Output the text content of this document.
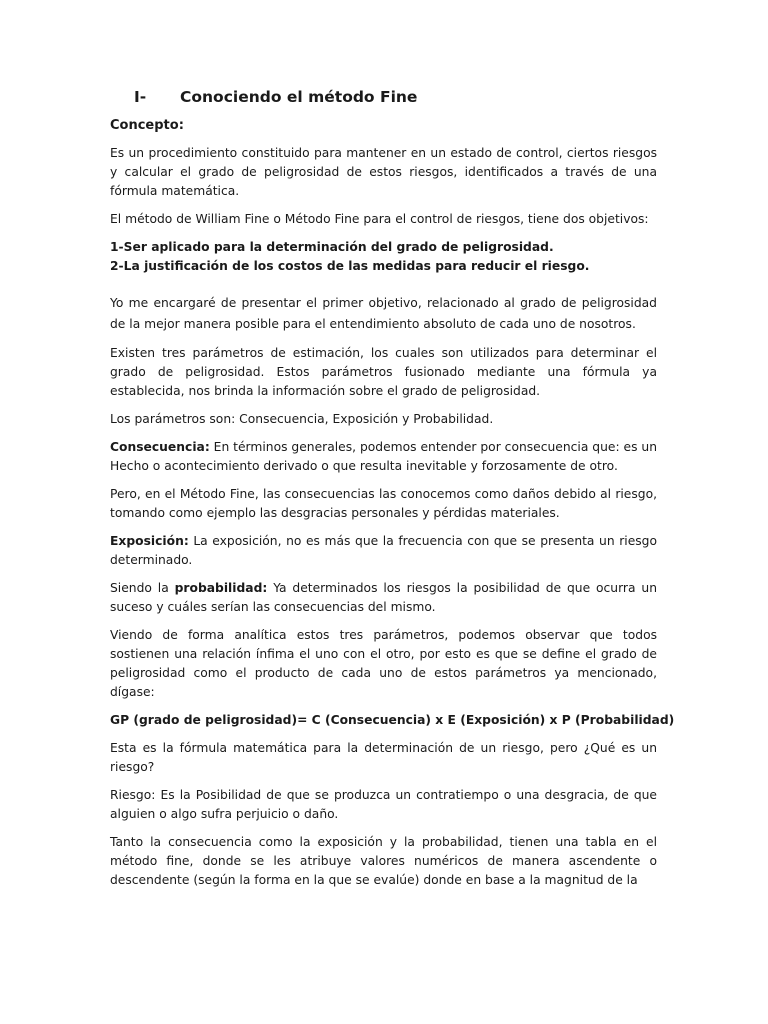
I- Conociendo el método Fine
Concepto:

Es un procedimiento constituido para mantener en un estado de control, ciertos riesgos y calcular el grado de peligrosidad de estos riesgos, identificados a través de una fórmula matemática.

El método de William Fine o Método Fine para el control de riesgos, tiene dos objetivos:

1-Ser aplicado para la determinación del grado de peligrosidad.

2-La justificación de los costos de las medidas para reducir el riesgo.

Yo me encargaré de presentar el primer objetivo, relacionado al grado de peligrosidad de la mejor manera posible para el entendimiento absoluto de cada uno de nosotros.

Existen tres parámetros de estimación, los cuales son utilizados para determinar el grado de peligrosidad. Estos parámetros fusionado mediante una fórmula ya establecida, nos brinda la información sobre el grado de peligrosidad.

Los parámetros son: Consecuencia, Exposición y Probabilidad.

Consecuencia: En términos generales, podemos entender por consecuencia que: es un Hecho o acontecimiento derivado o que resulta inevitable y forzosamente de otro.

Pero, en el Método Fine, las consecuencias las conocemos como daños debido al riesgo, tomando como ejemplo las desgracias personales y pérdidas materiales.

Exposición: La exposición, no es más que la frecuencia con que se presenta un riesgo determinado.

Siendo la probabilidad: Ya determinados los riesgos la posibilidad de que ocurra un suceso y cuáles serían las consecuencias del mismo.

Viendo de forma analítica estos tres parámetros, podemos observar que todos sostienen una relación ínfima el uno con el otro, por esto es que se define el grado de peligrosidad como el producto de cada uno de estos parámetros ya mencionado, dígase:

GP (grado de peligrosidad)= C (Consecuencia) x E (Exposición) x P (Probabilidad)

Esta es la fórmula matemática para la determinación de un riesgo, pero ¿Qué es un riesgo?

Riesgo: Es la Posibilidad de que se produzca un contratiempo o una desgracia, de que alguien o algo sufra perjuicio o daño.

Tanto la consecuencia como la exposición y la probabilidad, tienen una tabla en el método fine, donde se les atribuye valores numéricos de manera ascendente o descendente (según la forma en la que se evalúe) donde en base a la magnitud de la
